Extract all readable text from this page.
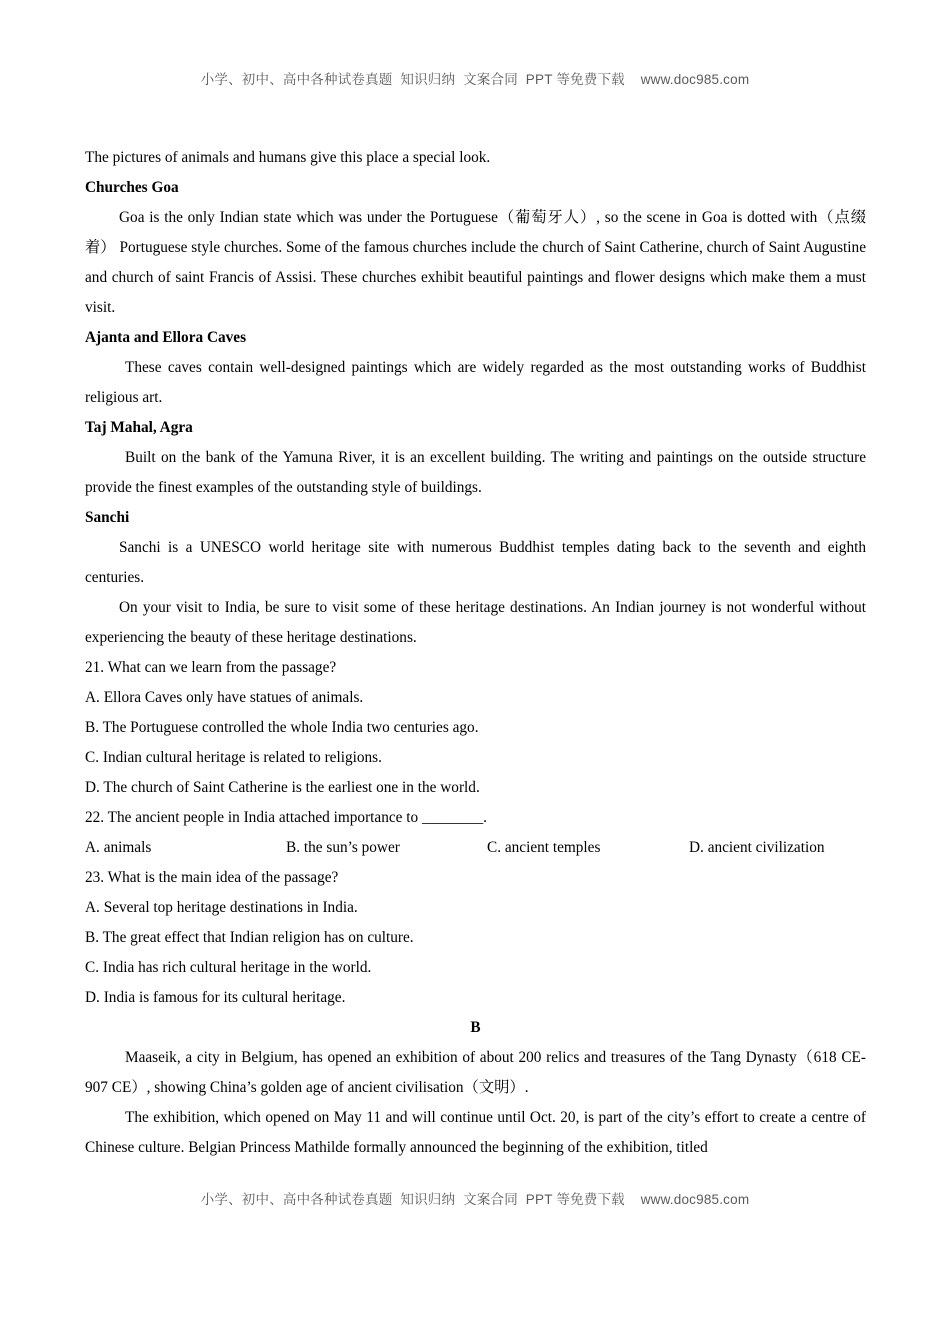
小学、初中、高中各种试卷真题  知识归纳  文案合同  PPT 等免费下载 www.doc985.com

The pictures of animals and humans give this place a special look.

Churches Goa

Goa is the only Indian state which was under the Portuguese（葡萄牙人）, so the scene in Goa is dotted with（点缀着） Portuguese style churches. Some of the famous churches include the church of Saint Catherine, church of Saint Augustine and church of saint Francis of Assisi. These churches exhibit beautiful paintings and flower designs which make them a must visit.

Ajanta and Ellora Caves

These caves contain well-designed paintings which are widely regarded as the most outstanding works of Buddhist religious art.

Taj Mahal, Agra

Built on the bank of the Yamuna River, it is an excellent building. The writing and paintings on the outside structure provide the finest examples of the outstanding style of buildings.

Sanchi

Sanchi is a UNESCO world heritage site with numerous Buddhist temples dating back to the seventh and eighth centuries.

On your visit to India, be sure to visit some of these heritage destinations. An Indian journey is not wonderful without experiencing the beauty of these heritage destinations.

21. What can we learn from the passage?

A. Ellora Caves only have statues of animals.

B. The Portuguese controlled the whole India two centuries ago.

C. Indian cultural heritage is related to religions.

D. The church of Saint Catherine is the earliest one in the world.

22. The ancient people in India attached importance to ________.

A. animals	B. the sun’s power	C. ancient temples	D. ancient civilization

23. What is the main idea of the passage?

A. Several top heritage destinations in India.

B. The great effect that Indian religion has on culture.

C. India has rich cultural heritage in the world.

D. India is famous for its cultural heritage.

B

Maaseik, a city in Belgium, has opened an exhibition of about 200 relics and treasures of the Tang Dynasty（618 CE-907 CE）, showing China’s golden age of ancient civilisation（文明）.

The exhibition, which opened on May 11 and will continue until Oct. 20, is part of the city’s effort to create a centre of Chinese culture. Belgian Princess Mathilde formally announced the beginning of the exhibition, titled

小学、初中、高中各种试卷真题  知识归纳  文案合同  PPT 等免费下载 www.doc985.com
